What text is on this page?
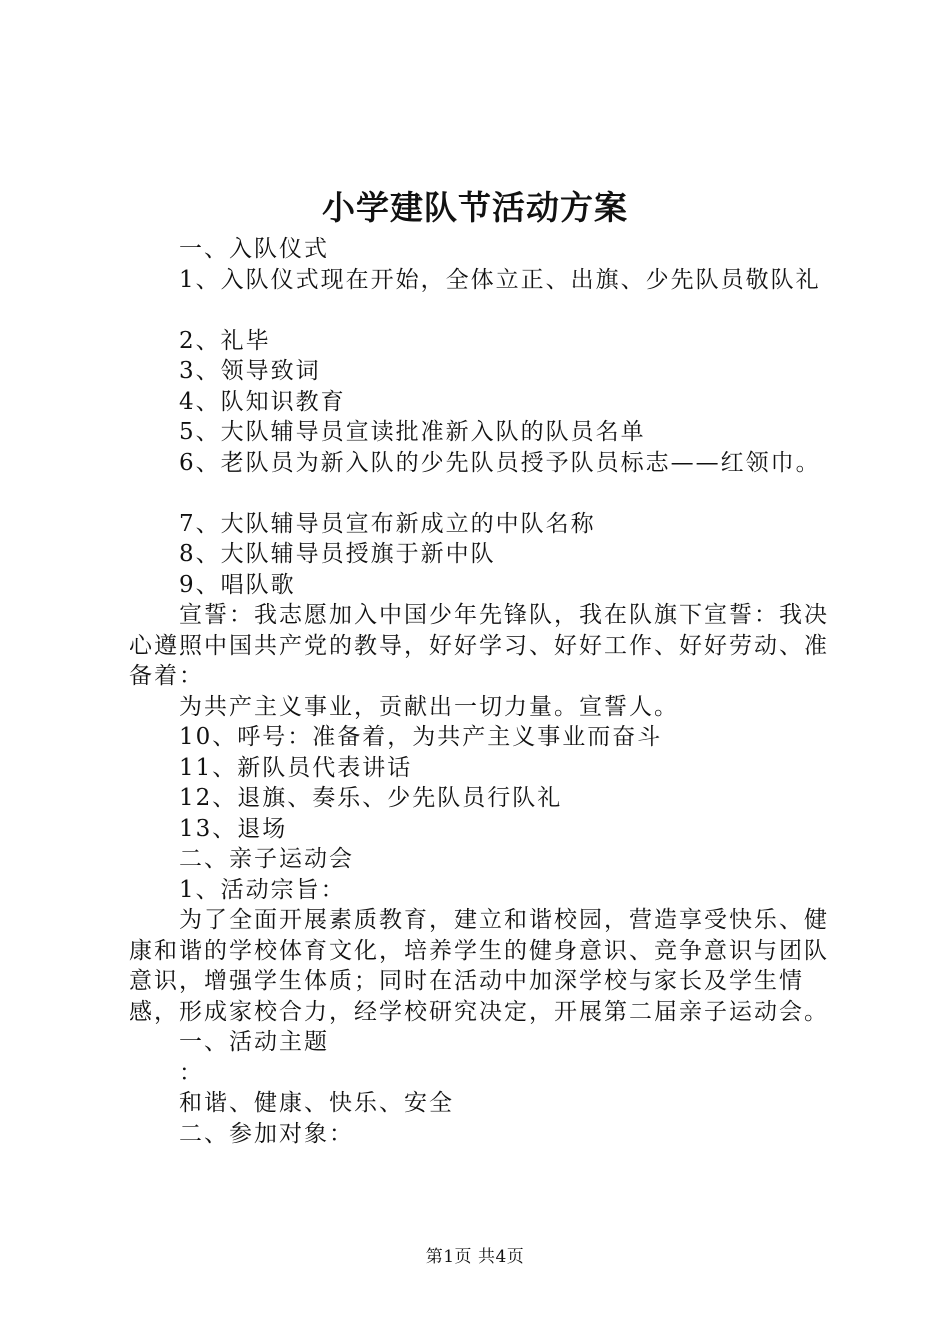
小学建队节活动方案
一、入队仪式
1、入队仪式现在开始，全体立正、出旗、少先队员敬队礼
2、礼毕
3、领导致词
4、队知识教育
5、大队辅导员宣读批准新入队的队员名单
6、老队员为新入队的少先队员授予队员标志——红领巾。
7、大队辅导员宣布新成立的中队名称
8、大队辅导员授旗于新中队
9、唱队歌
宣誓：我志愿加入中国少年先锋队，我在队旗下宣誓：我决心遵照中国共产党的教导，好好学习、好好工作、好好劳动、准备着：
为共产主义事业，贡献出一切力量。宣誓人。
10、呼号：准备着，为共产主义事业而奋斗
11、新队员代表讲话
12、退旗、奏乐、少先队员行队礼
13、退场
二、亲子运动会
1、活动宗旨：
为了全面开展素质教育，建立和谐校园，营造享受快乐、健康和谐的学校体育文化，培养学生的健身意识、竞争意识与团队意识，增强学生体质；同时在活动中加深学校与家长及学生情感，形成家校合力，经学校研究决定，开展第二届亲子运动会。
一、活动主题
：
和谐、健康、快乐、安全
二、参加对象：
第1页 共4页
